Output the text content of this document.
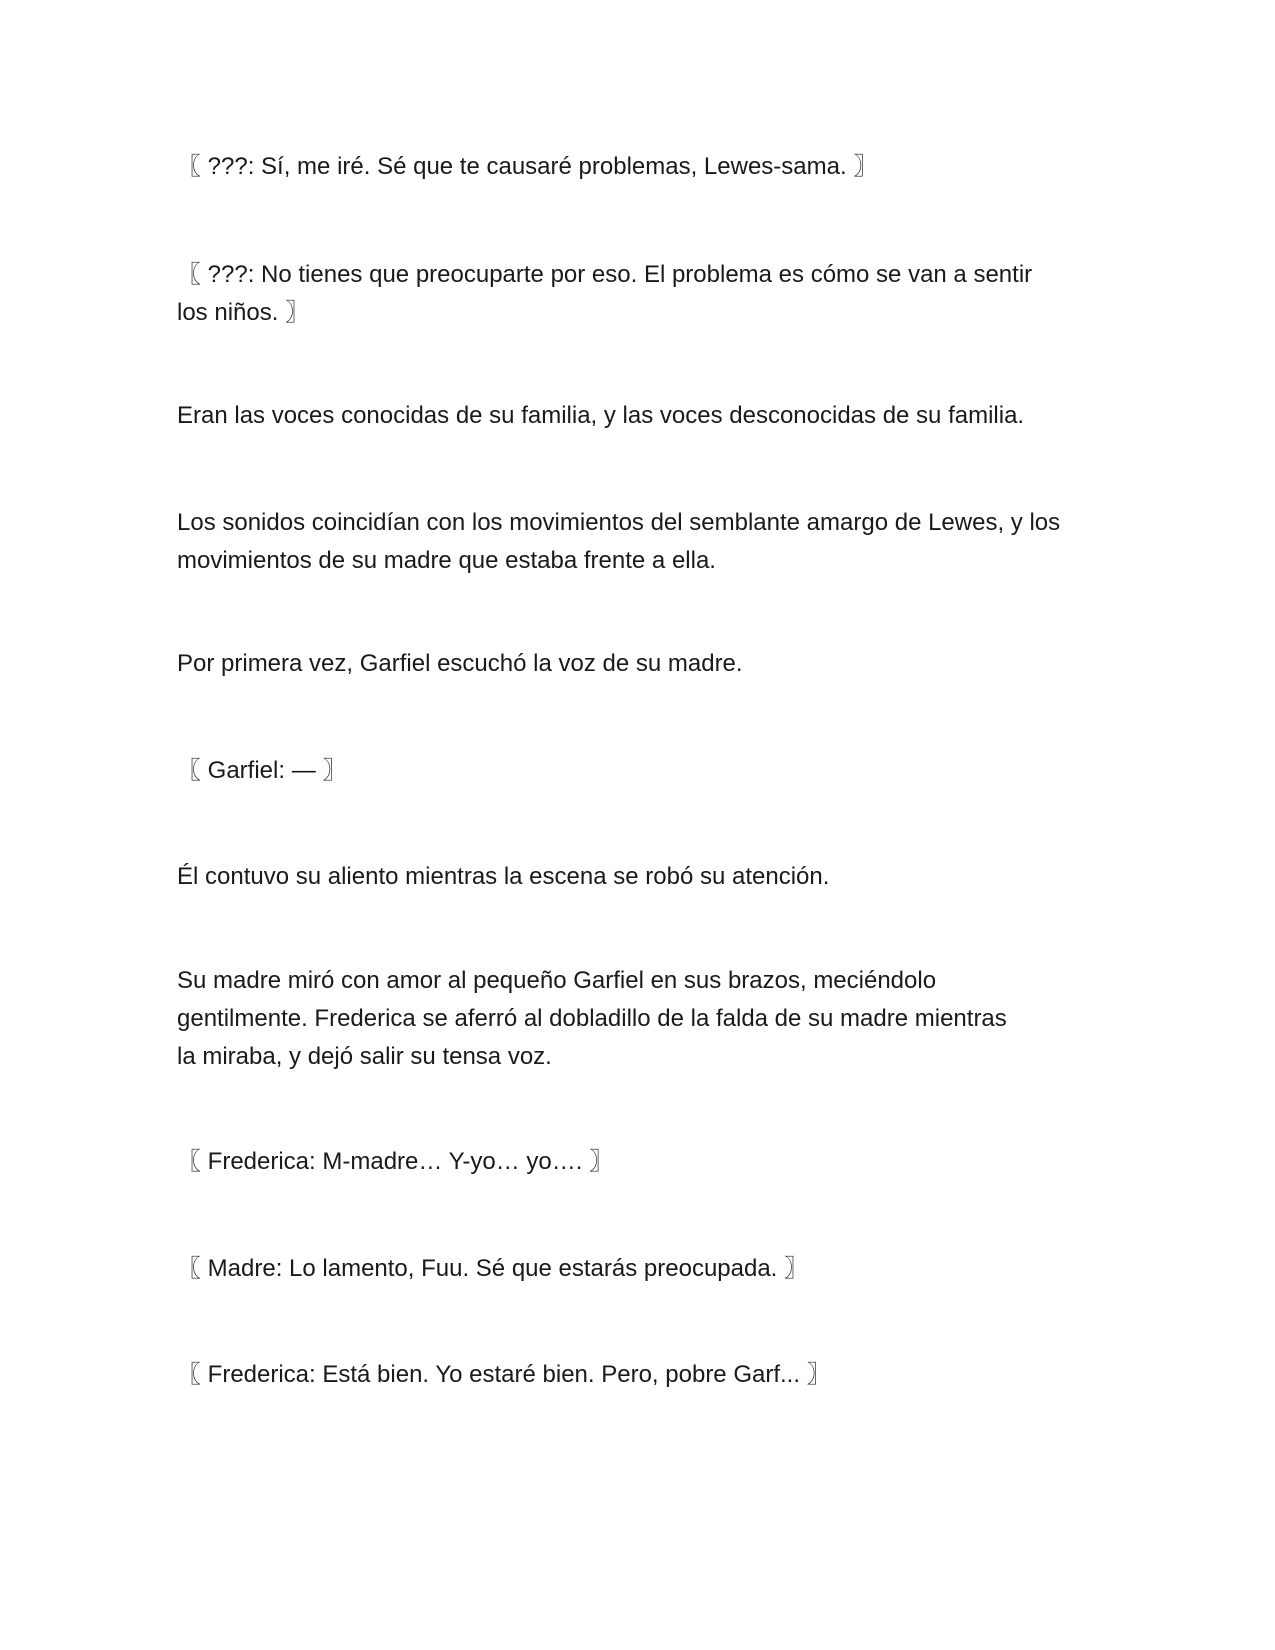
〖 ???: Sí, me iré. Sé que te causaré problemas, Lewes-sama. 〗

〖 ???: No tienes que preocuparte por eso. El problema es cómo se van a sentir los niños. 〗

Eran las voces conocidas de su familia, y las voces desconocidas de su familia.

Los sonidos coincidían con los movimientos del semblante amargo de Lewes, y los movimientos de su madre que estaba frente a ella.

Por primera vez, Garfiel escuchó la voz de su madre.

〖 Garfiel: — 〗

Él contuvo su aliento mientras la escena se robó su atención.

Su madre miró con amor al pequeño Garfiel en sus brazos, meciéndolo gentilmente. Frederica se aferró al dobladillo de la falda de su madre mientras la miraba, y dejó salir su tensa voz.

〖 Frederica: M-madre… Y-yo… yo…. 〗

〖 Madre: Lo lamento, Fuu. Sé que estarás preocupada. 〗

〖 Frederica: Está bien. Yo estaré bien. Pero, pobre Garf... 〗
